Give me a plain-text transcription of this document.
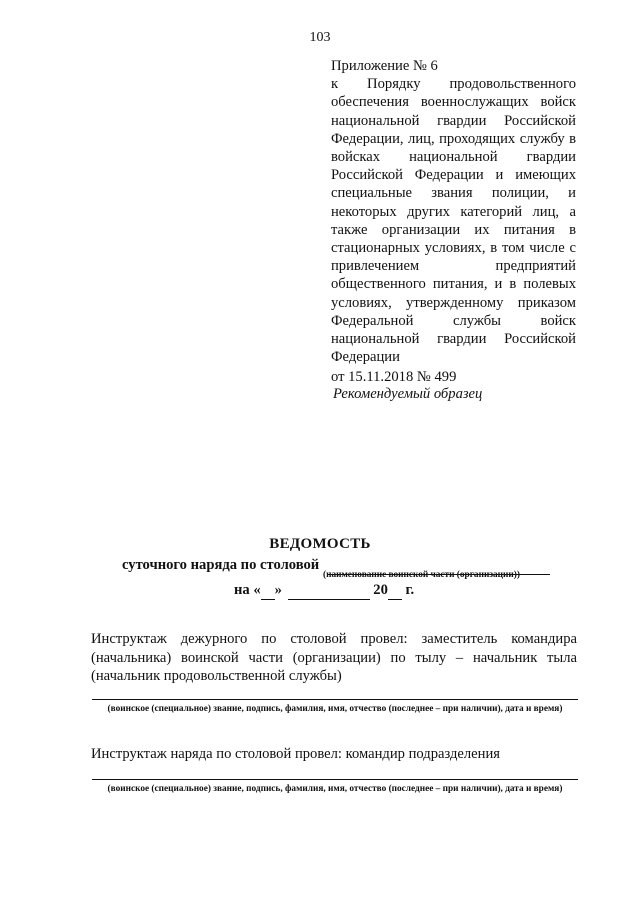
103
Приложение № 6
к Порядку продовольственного обеспечения военнослужащих войск национальной гвардии Российской Федерации, лиц, проходящих службу в войсках национальной гвардии Российской Федерации и имеющих специальные звания полиции, и некоторых других категорий лиц, а также организации их питания в стационарных условиях, в том числе с привлечением предприятий общественного питания, и в полевых условиях, утвержденному приказом Федеральной службы войск национальной гвардии Российской Федерации
от 15.11.2018 № 499
Рекомендуемый образец
ВЕДОМОСТЬ
суточного наряда по столовой
(наименование воинской части (организации))
на « »	20 г.
Инструктаж дежурного по столовой провел: заместитель командира (начальника) воинской части (организации) по тылу – начальник тыла (начальник продовольственной службы)
(воинское (специальное) звание, подпись, фамилия, имя, отчество (последнее – при наличии), дата и время)
Инструктаж наряда по столовой провел: командир подразделения
(воинское (специальное) звание, подпись, фамилия, имя, отчество (последнее – при наличии), дата и время)
